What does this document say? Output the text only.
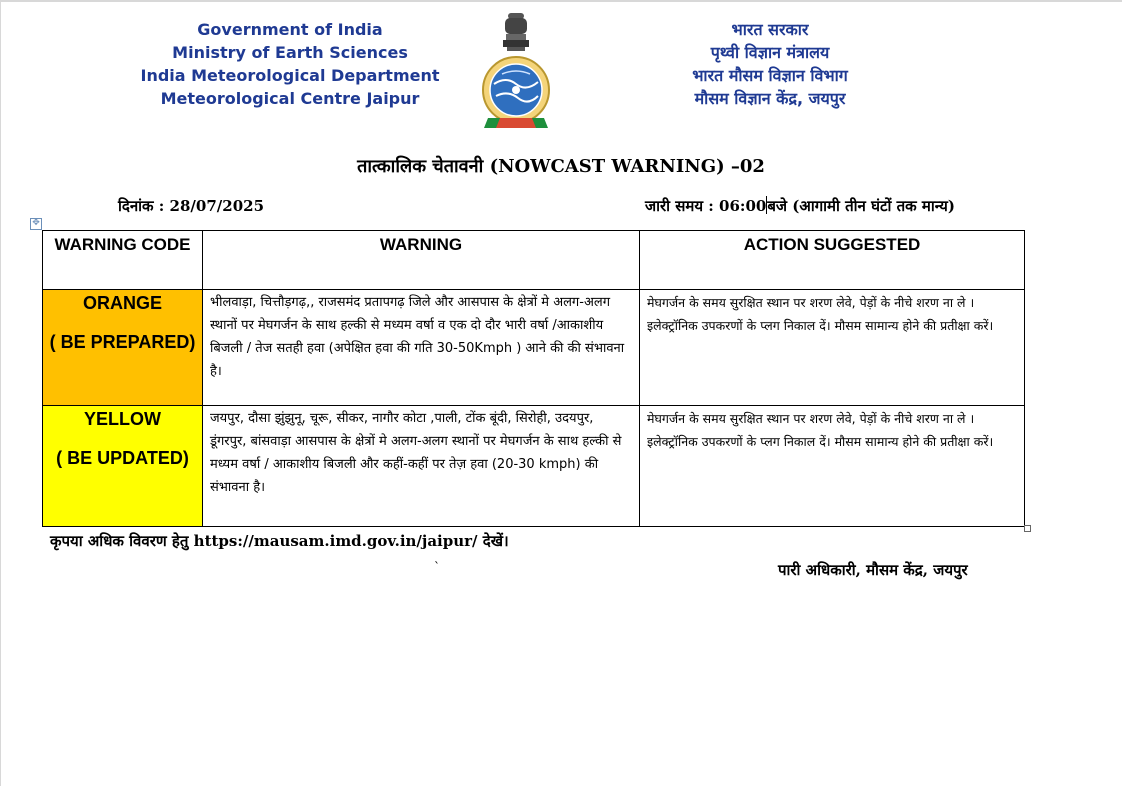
Government of India
Ministry of Earth Sciences
India Meteorological Department
Meteorological Centre Jaipur
भारत सरकार
पृथ्वी विज्ञान मंत्रालय
भारत मौसम विज्ञान विभाग
मौसम विज्ञान केंद्र, जयपुर
तात्कालिक चेतावनी (NOWCAST WARNING) –02
दिनांक : 28/07/2025	जारी समय : 06:00बजे (आगामी तीन घंटों तक मान्य)
✥
WARNING CODE	WARNING	ACTION SUGGESTED

ORANGE
( BE PREPARED)	भीलवाड़ा, चित्तौड़गढ़,, राजसमंद प्रतापगढ़ जिले और आसपास के क्षेत्रों मे अलग-अलग स्थानों पर मेघगर्जन के साथ हल्की से मध्यम वर्षा व एक दो दौर भारी वर्षा /आकाशीय बिजली / तेज सतही हवा (अपेक्षित हवा की गति 30-50Kmph ) आने की की संभावना है।	मेघगर्जन के समय सुरक्षित स्थान पर शरण लेवे, पेड़ों के नीचे शरण ना ले । इलेक्ट्रॉनिक उपकरणों के प्लग निकाल दें। मौसम सामान्य होने की प्रतीक्षा करें।

YELLOW
( BE UPDATED)	जयपुर, दौसा झुंझुनू, चूरू, सीकर, नागौर कोटा ,पाली, टोंक बूंदी, सिरोही, उदयपुर, डूंगरपुर, बांसवाड़ा आसपास के क्षेत्रों मे अलग-अलग स्थानों पर मेघगर्जन के साथ हल्की से मध्यम वर्षा / आकाशीय बिजली और कहीं-कहीं पर तेज़ हवा (20-30 kmph) की संभावना है।	मेघगर्जन के समय सुरक्षित स्थान पर शरण लेवे, पेड़ों के नीचे शरण ना ले । इलेक्ट्रॉनिक उपकरणों के प्लग निकाल दें। मौसम सामान्य होने की प्रतीक्षा करें।
कृपया अधिक विवरण हेतु https://mausam.imd.gov.in/jaipur/ देखें।
`	पारी अधिकारी, मौसम केंद्र, जयपुर
